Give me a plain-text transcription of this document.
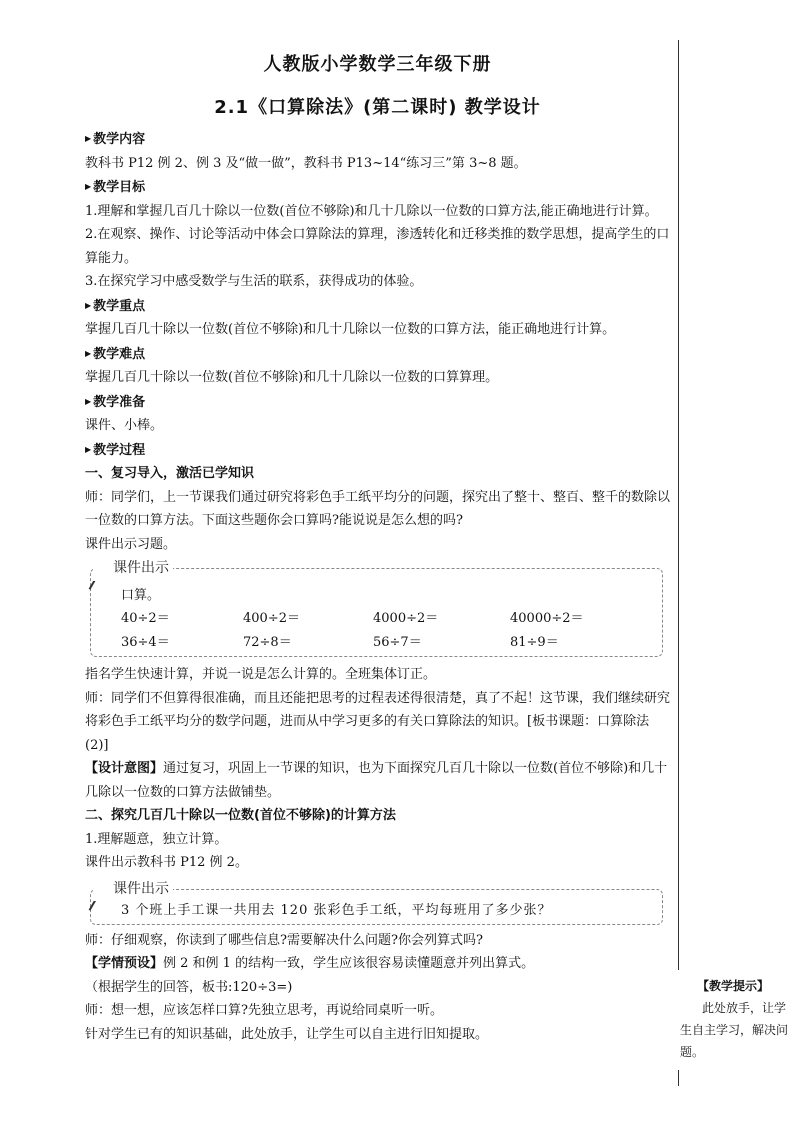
人教版小学数学三年级下册
2.1《口算除法》(第二课时) 教学设计
▶ 教学内容

教科书 P12 例 2、例 3 及“做一做”，教科书 P13~14“练习三”第 3~8 题。

▶ 教学目标

1.理解和掌握几百几十除以一位数(首位不够除)和几十几除以一位数的口算方法,能正确地进行计算。

2.在观察、操作、讨论等活动中体会口算除法的算理，渗透转化和迁移类推的数学思想，提高学生的口算能力。

3.在探究学习中感受数学与生活的联系，获得成功的体验。

▶ 教学重点

掌握几百几十除以一位数(首位不够除)和几十几除以一位数的口算方法，能正确地进行计算。

▶ 教学难点

掌握几百几十除以一位数(首位不够除)和几十几除以一位数的口算算理。

▶ 教学准备

课件、小棒。

▶ 教学过程
一、复习导入，激活已学知识

师：同学们，上一节课我们通过研究将彩色手工纸平均分的问题，探究出了整十、整百、整千的数除以一位数的口算方法。下面这些题你会口算吗?能说说是怎么想的吗?

课件出示习题。

课件出示
口算。
40÷2＝	400÷2＝	4000÷2＝	40000÷2＝
36÷4＝	72÷8＝	56÷7＝	81÷9＝

指名学生快速计算，并说一说是怎么计算的。全班集体订正。

师：同学们不但算得很准确，而且还能把思考的过程表述得很清楚，真了不起！这节课，我们继续研究将彩色手工纸平均分的数学问题，进而从中学习更多的有关口算除法的知识。[板书课题：口算除法(2)]

【设计意图】通过复习，巩固上一节课的知识，也为下面探究几百几十除以一位数(首位不够除)和几十几除以一位数的口算方法做铺垫。

二、探究几百几十除以一位数(首位不够除)的计算方法

1.理解题意，独立计算。

课件出示教科书 P12 例 2。

课件出示
3 个班上手工课一共用去 120 张彩色手工纸，平均每班用了多少张？

师：仔细观察，你读到了哪些信息?需要解决什么问题?你会列算式吗?

【学情预设】例 2 和例 1 的结构一致，学生应该很容易读懂题意并列出算式。

（根据学生的回答，板书:120÷3=)

师：想一想，应该怎样口算?先独立思考，再说给同桌听一听。

针对学生已有的知识基础，此处放手，让学生可以自主进行旧知提取。

【教学提示】
此处放手，让学生自主学习，解决问题。
